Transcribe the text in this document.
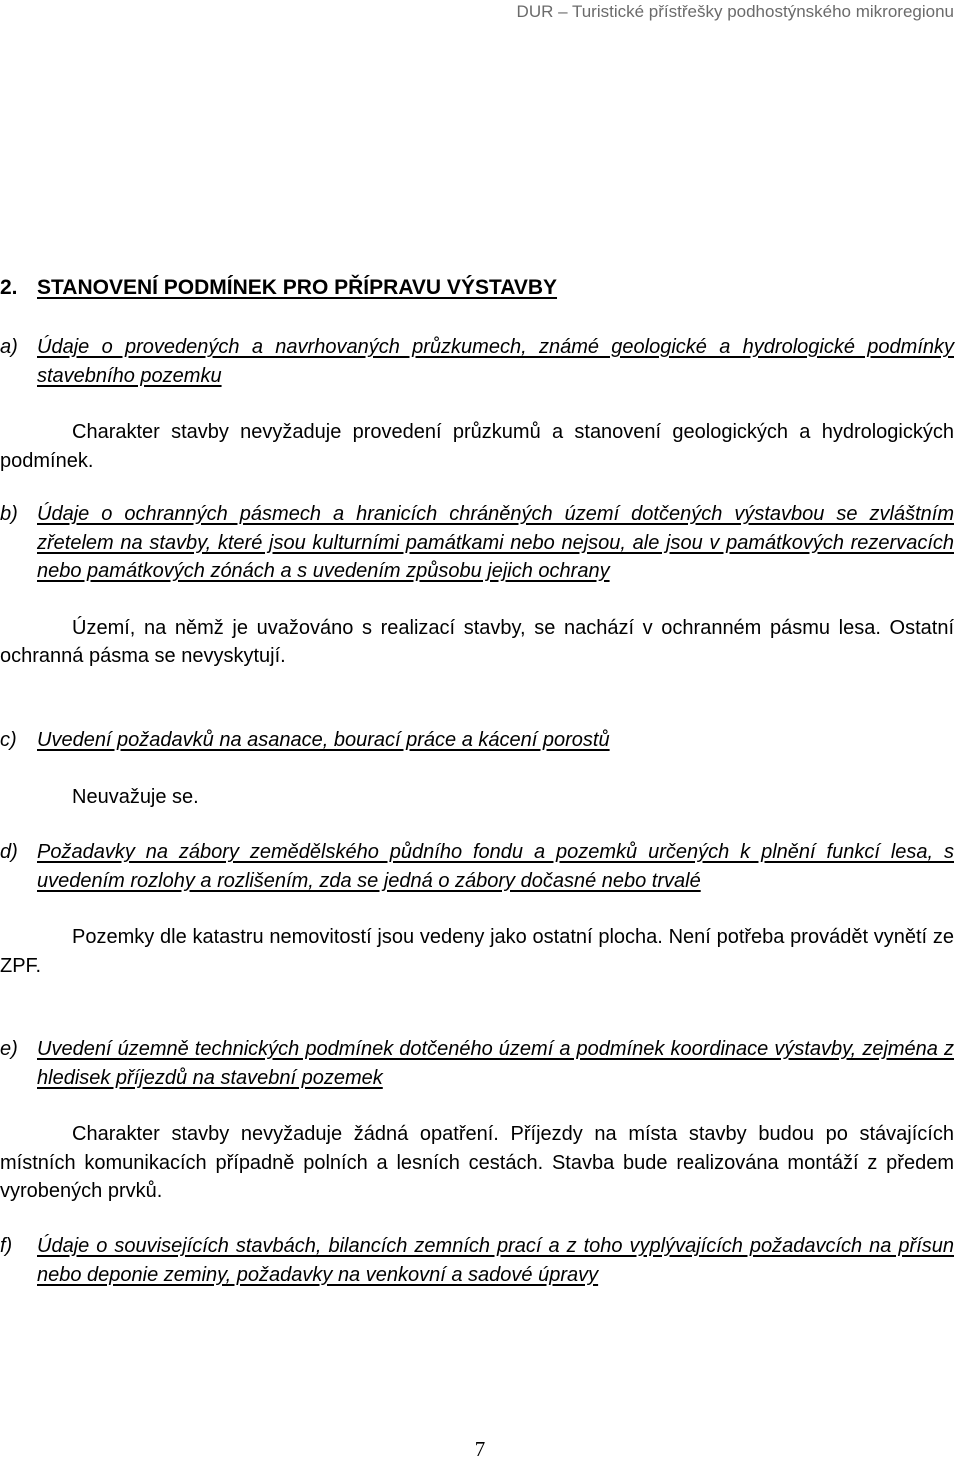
DUR – Turistické přístřešky podhostýnského mikroregionu
2. STANOVENÍ PODMÍNEK PRO PŘÍPRAVU VÝSTAVBY
a) Údaje o provedených a navrhovaných průzkumech, známé geologické a hydrologické podmínky stavebního pozemku
Charakter stavby nevyžaduje provedení průzkumů a stanovení geologických a hydrologických podmínek.
b) Údaje o ochranných pásmech a hranicích chráněných území dotčených výstavbou se zvláštním zřetelem na stavby, které jsou kulturními památkami nebo nejsou, ale jsou v památkových rezervacích nebo památkových zónách a s uvedením způsobu jejich ochrany
Území, na němž je uvažováno s realizací stavby, se nachází v ochranném pásmu lesa. Ostatní ochranná pásma se nevyskytují.
c) Uvedení požadavků na asanace, bourací práce a kácení porostů
Neuvažuje se.
d) Požadavky na zábory zemědělského půdního fondu a pozemků určených k plnění funkcí lesa, s uvedením rozlohy a rozlišením, zda se jedná o zábory dočasné nebo trvalé
Pozemky dle katastru nemovitostí jsou vedeny jako ostatní plocha. Není potřeba provádět vynětí ze ZPF.
e) Uvedení územně technických podmínek dotčeného území a podmínek koordinace výstavby, zejména z hledisek příjezdů na stavební pozemek
Charakter stavby nevyžaduje žádná opatření. Příjezdy na místa stavby budou po stávajících místních komunikacích případně polních a lesních cestách. Stavba bude realizována montáží z předem vyrobených prvků.
f) Údaje o souvisejících stavbách, bilancích zemních prací a z toho vyplývajících požadavcích na přísun nebo deponie zeminy, požadavky na venkovní a sadové úpravy
7
